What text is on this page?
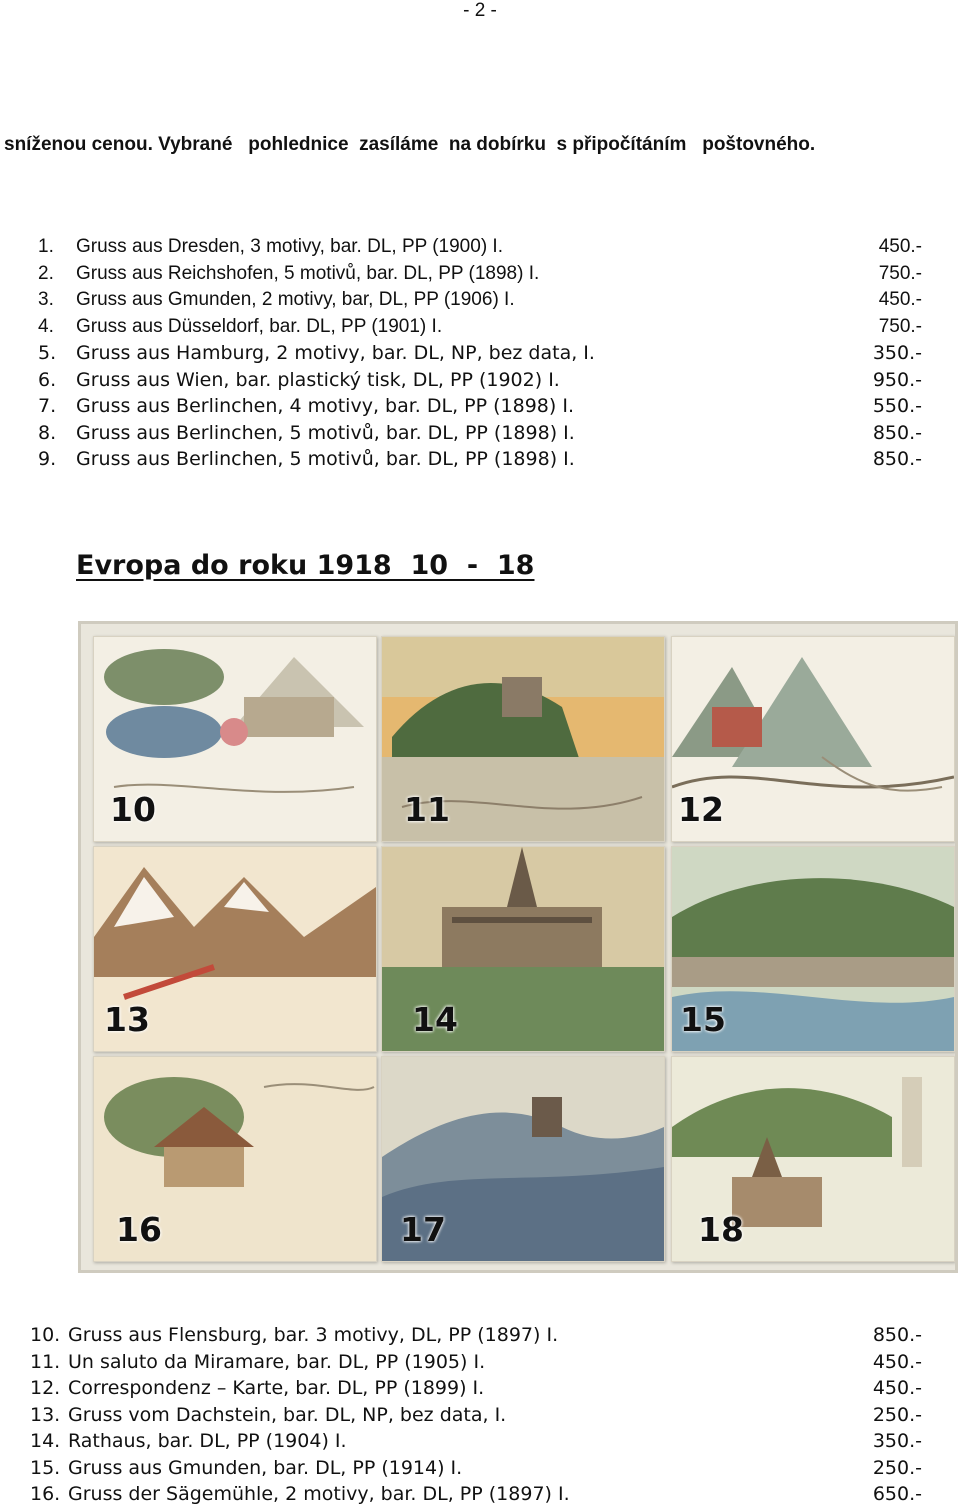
- 2 -
sníženou cenou. Vybrané   pohlednice  zasíláme  na dobírku  s připočítáním   poštovného.
1.	Gruss aus Dresden, 3 motivy, bar. DL, PP (1900) I.	450.-
2.	Gruss aus Reichshofen, 5 motivů, bar. DL, PP (1898) I.	750.-
3.	Gruss aus Gmunden, 2 motivy, bar, DL, PP (1906) I.	450.-
4.	Gruss aus Düsseldorf, bar. DL, PP (1901) I.	750.-
5.	Gruss aus Hamburg, 2 motivy, bar. DL, NP, bez data, I.	350.-
6.	Gruss aus Wien, bar. plastický tisk, DL, PP (1902) I.	950.-
7.	Gruss aus Berlinchen, 4 motivy, bar. DL, PP (1898) I.	550.-
8.	Gruss aus Berlinchen, 5 motivů, bar. DL, PP (1898) I.	850.-
9.	Gruss aus Berlinchen, 5 motivů, bar. DL, PP (1898) I.	850.-
Evropa do roku 1918  10  -  18
10	11	12
13	14	15
16	17	18
10. Gruss aus Flensburg, bar. 3 motivy, DL, PP (1897) I.	850.-
11. Un saluto da Miramare, bar. DL, PP (1905) I.	450.-
12. Correspondenz – Karte, bar. DL, PP (1899) I.	450.-
13. Gruss vom Dachstein, bar. DL, NP, bez data, I.	250.-
14. Rathaus, bar. DL, PP (1904) I.	350.-
15. Gruss aus Gmunden, bar. DL, PP (1914) I.	250.-
16. Gruss der Sägemühle, 2 motivy, bar. DL, PP (1897) I.	650.-
